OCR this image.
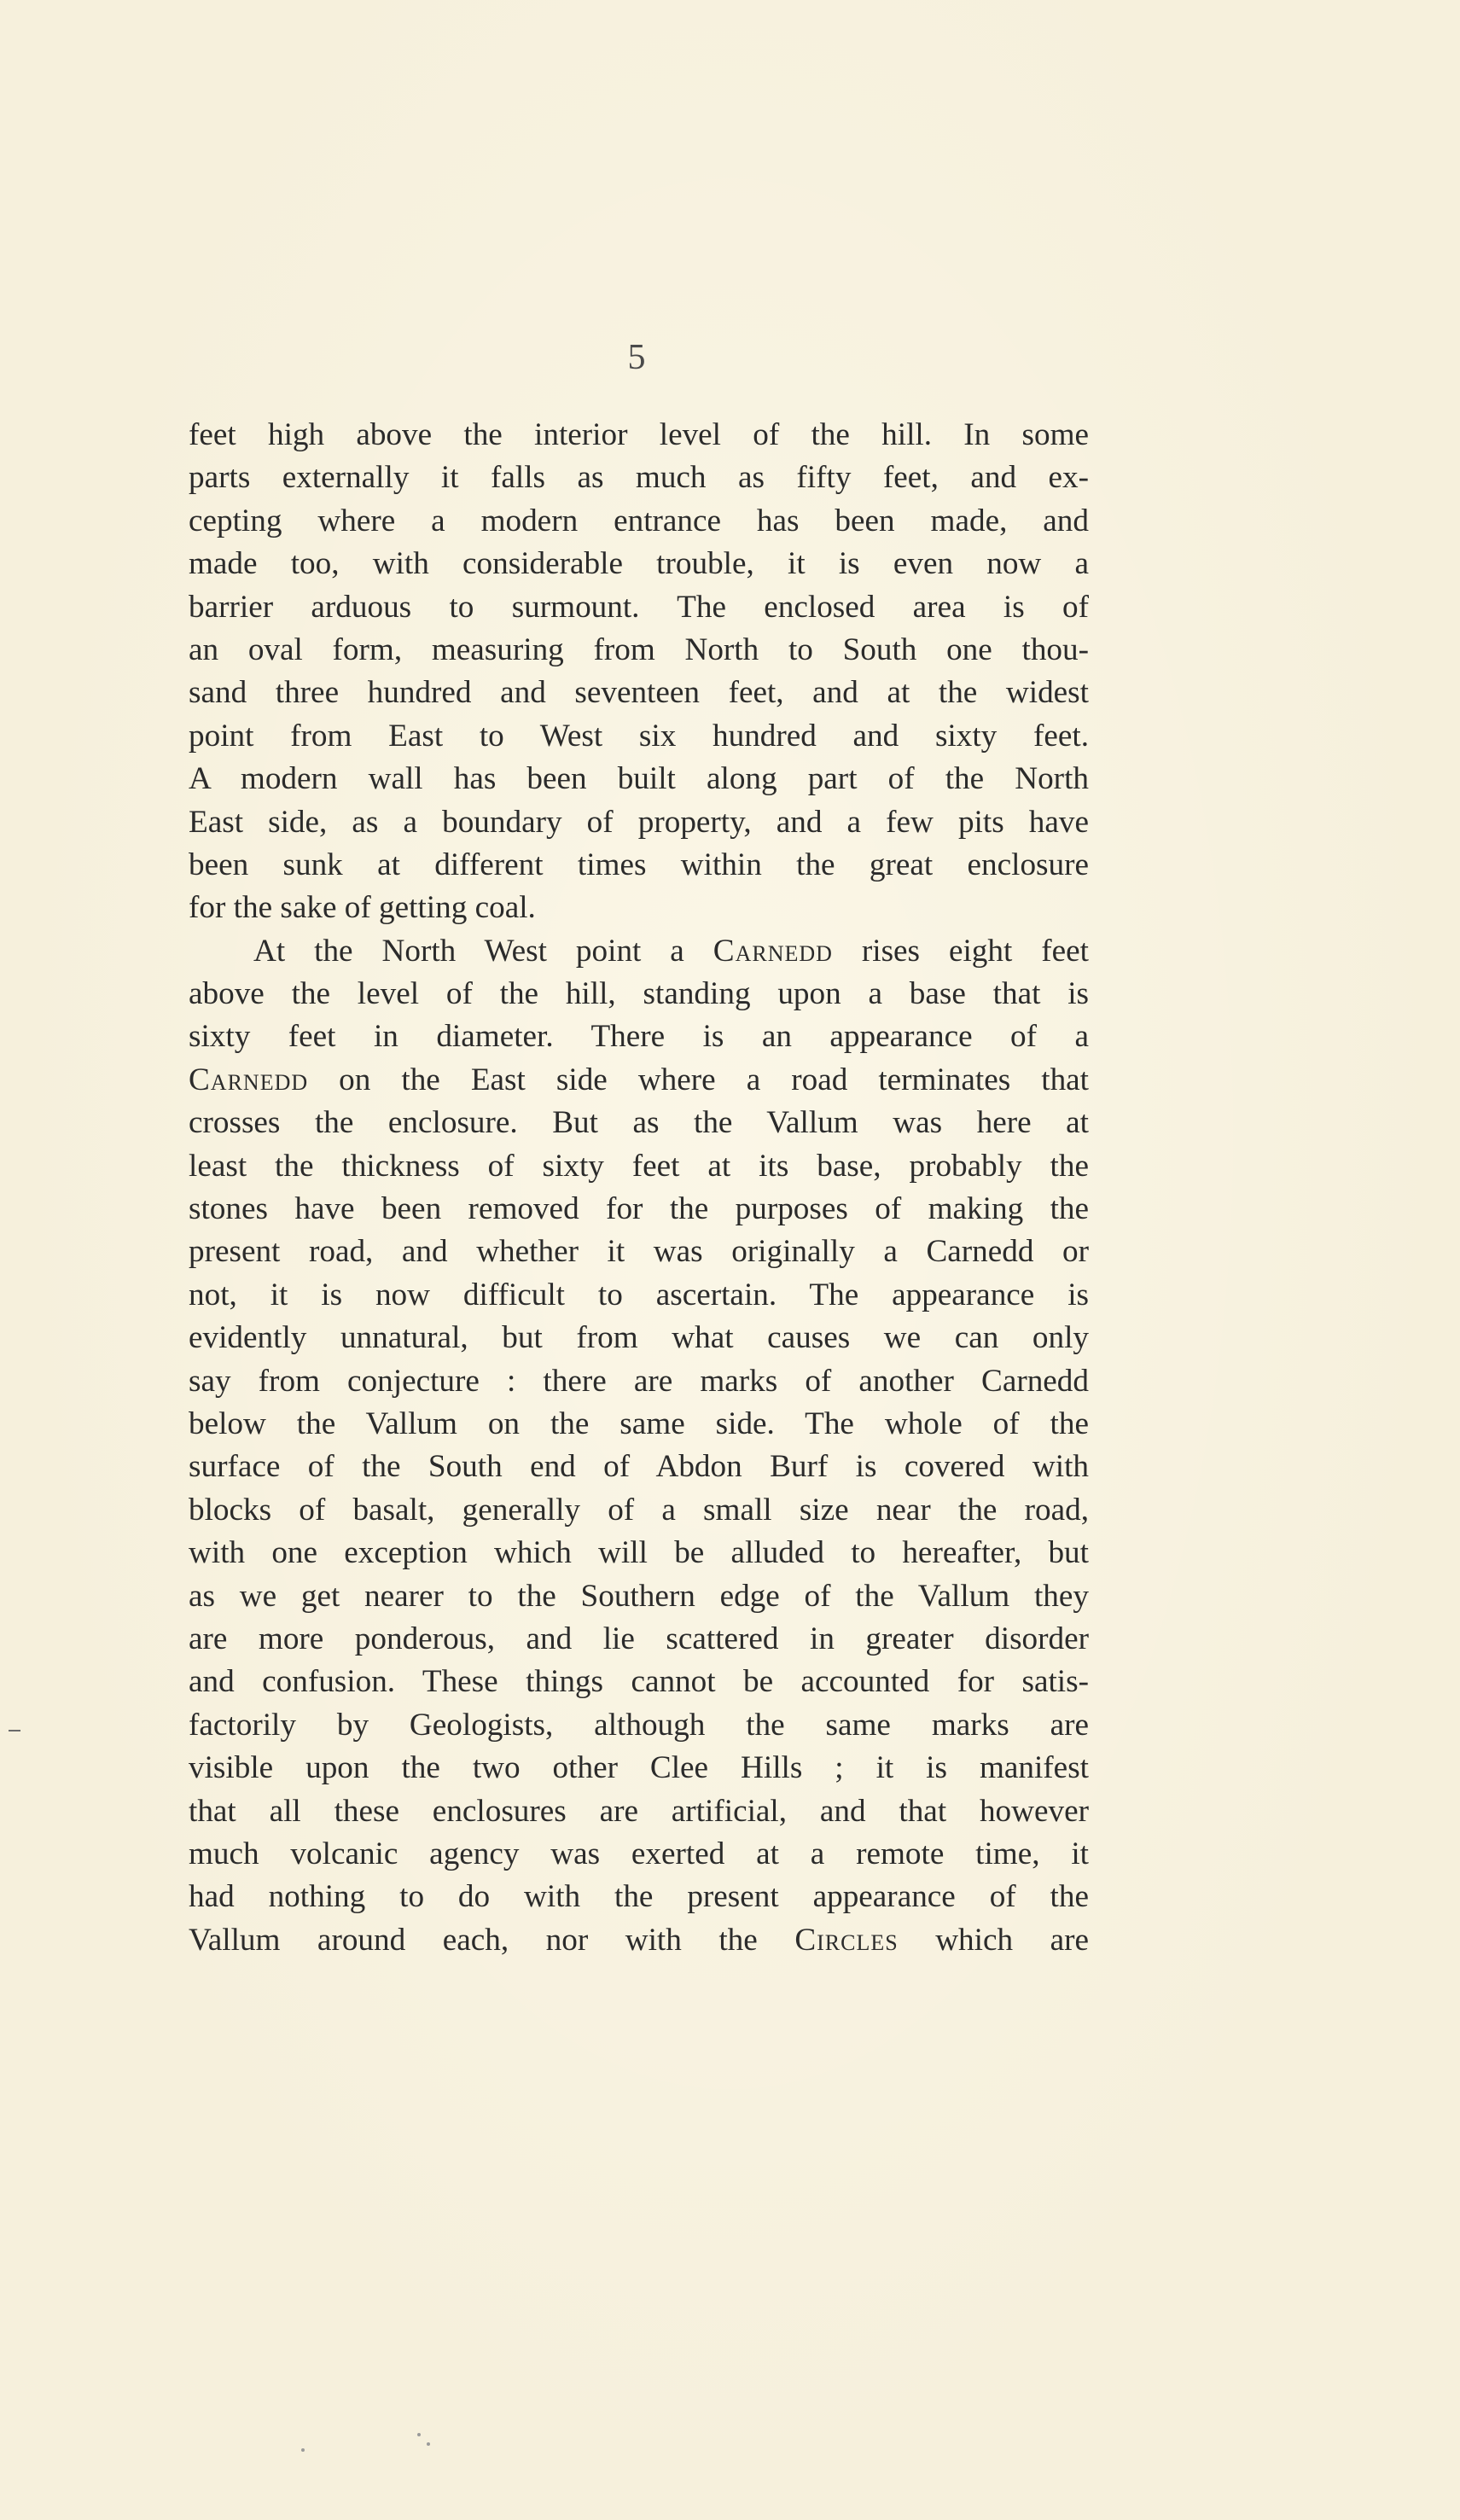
5
feet high above the interior level of the hill. In some
parts externally it falls as much as fifty feet, and ex-
cepting where a modern entrance has been made, and
made too, with considerable trouble, it is even now a
barrier arduous to surmount. The enclosed area is of
an oval form, measuring from North to South one thou-
sand three hundred and seventeen feet, and at the widest
point from East to West six hundred and sixty feet.
A modern wall has been built along part of the North
East side, as a boundary of property, and a few pits have
been sunk at different times within the great enclosure
for the sake of getting coal.
At the North West point a Carnedd rises eight feet
above the level of the hill, standing upon a base that is
sixty feet in diameter. There is an appearance of a
Carnedd on the East side where a road terminates that
crosses the enclosure. But as the Vallum was here at
least the thickness of sixty feet at its base, probably the
stones have been removed for the purposes of making the
present road, and whether it was originally a Carnedd or
not, it is now difficult to ascertain. The appearance is
evidently unnatural, but from what causes we can only
say from conjecture : there are marks of another Carnedd
below the Vallum on the same side. The whole of the
surface of the South end of Abdon Burf is covered with
blocks of basalt, generally of a small size near the road,
with one exception which will be alluded to hereafter, but
as we get nearer to the Southern edge of the Vallum they
are more ponderous, and lie scattered in greater disorder
and confusion. These things cannot be accounted for satis-
factorily by Geologists, although the same marks are
visible upon the two other Clee Hills ; it is manifest
that all these enclosures are artificial, and that however
much volcanic agency was exerted at a remote time, it
had nothing to do with the present appearance of the
Vallum around each, nor with the Circles which are
